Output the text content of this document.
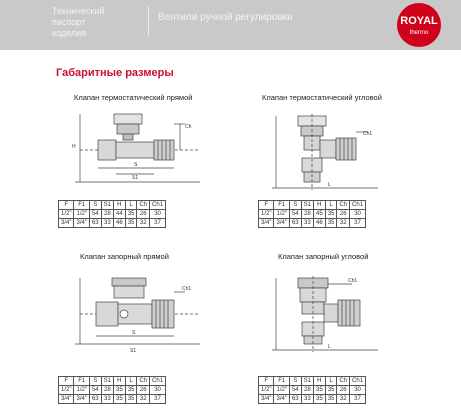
Технический
паспорт
изделия
Вентили ручной регулировки	ROYAL
thermo
Габаритные размеры
Клапан термостатический прямой	Клапан термостатический угловой
Клапан запорный прямой	Клапан запорный угловой
Ch
S
S1
H
Ch1
L
Ch1
S
S1
Ch1
L
F	F1	S	S1	H	L	Ch	Ch1
1/2"	1/2"	54	28	44	35	26	30
3/4"	3/4"	63	33	46	35	32	37
F	F1	S	S1	H	L	Ch	Ch1
1/2"	1/2"	54	28	45	35	26	30
3/4"	3/4"	63	33	46	35	32	37
F	F1	S	S1	H	L	Ch	Ch1
1/2"	1/2"	54	28	35	35	26	30
3/4"	3/4"	63	33	35	35	32	37
F	F1	S	S1	H	L	Ch	Ch1
1/2"	1/2"	54	28	35	35	26	30
3/4"	3/4"	63	33	35	35	32	37
